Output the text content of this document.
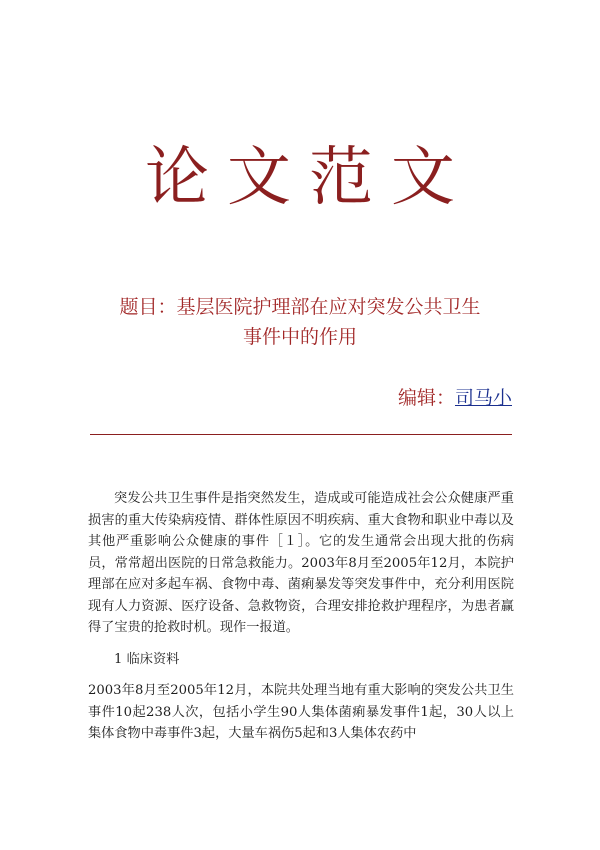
论文范文
题目：基层医院护理部在应对突发公共卫生
事件中的作用
编辑：司马小

突发公共卫生事件是指突然发生，造成或可能造成社会公众健康严重损害的重大传染病疫情、群体性原因不明疾病、重大食物和职业中毒以及其他严重影响公众健康的事件［１］。它的发生通常会出现大批的伤病员，常常超出医院的日常急救能力。2003年8月至2005年12月，本院护理部在应对多起车祸、食物中毒、菌痢暴发等突发事件中，充分利用医院现有人力资源、医疗设备、急救物资，合理安排抢救护理程序，为患者赢得了宝贵的抢救时机。现作一报道。

1 临床资料

2003年8月至2005年12月，本院共处理当地有重大影响的突发公共卫生事件10起238人次，包括小学生90人集体菌痢暴发事件1起，30人以上集体食物中毒事件3起，大量车祸伤5起和3人集体农药中
